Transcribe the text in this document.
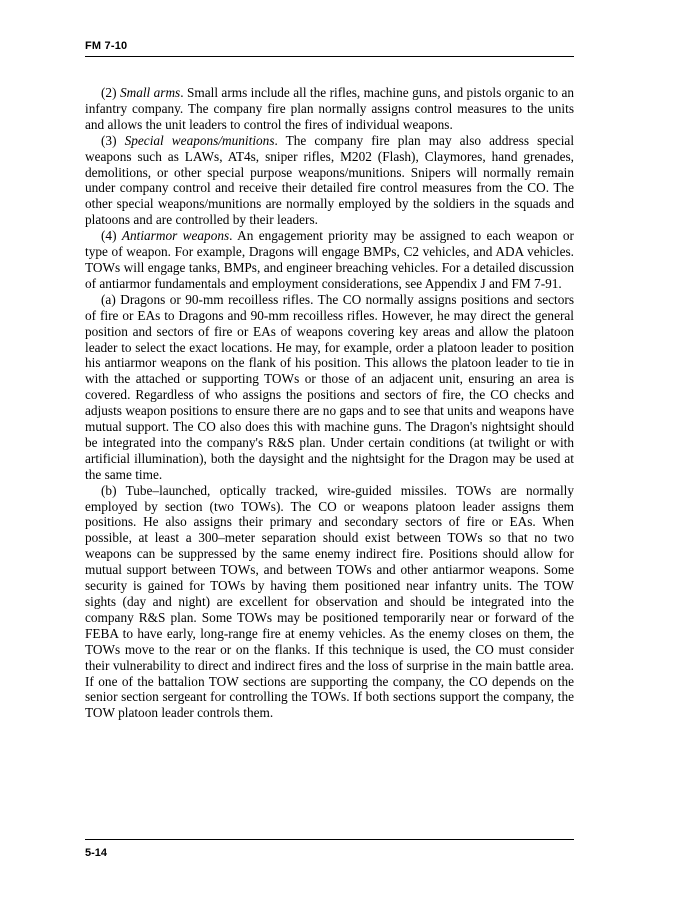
FM 7-10

(2) Small arms. Small arms include all the rifles, machine guns, and pistols organic to an infantry company. The company fire plan normally assigns control measures to the units and allows the unit leaders to control the fires of individual weapons.

(3) Special weapons/munitions. The company fire plan may also address special weapons such as LAWs, AT4s, sniper rifles, M202 (Flash), Claymores, hand grenades, demolitions, or other special purpose weapons/munitions. Snipers will normally remain under company control and receive their detailed fire control measures from the CO. The other special weapons/munitions are normally employed by the soldiers in the squads and platoons and are controlled by their leaders.

(4) Antiarmor weapons. An engagement priority may be assigned to each weapon or type of weapon. For example, Dragons will engage BMPs, C2 vehicles, and ADA vehicles. TOWs will engage tanks, BMPs, and engineer breaching vehicles. For a detailed discussion of antiarmor fundamentals and employment considerations, see Appendix J and FM 7-91.

(a) Dragons or 90-mm recoilless rifles. The CO normally assigns positions and sectors of fire or EAs to Dragons and 90-mm recoilless rifles. However, he may direct the general position and sectors of fire or EAs of weapons covering key areas and allow the platoon leader to select the exact locations. He may, for example, order a platoon leader to position his antiarmor weapons on the flank of his position. This allows the platoon leader to tie in with the attached or supporting TOWs or those of an adjacent unit, ensuring an area is covered. Regardless of who assigns the positions and sectors of fire, the CO checks and adjusts weapon positions to ensure there are no gaps and to see that units and weapons have mutual support. The CO also does this with machine guns. The Dragon's nightsight should be integrated into the company's R&S plan. Under certain conditions (at twilight or with artificial illumination), both the daysight and the nightsight for the Dragon may be used at the same time.

(b) Tube–launched, optically tracked, wire-guided missiles. TOWs are normally employed by section (two TOWs). The CO or weapons platoon leader assigns them positions. He also assigns their primary and secondary sectors of fire or EAs. When possible, at least a 300–meter separation should exist between TOWs so that no two weapons can be suppressed by the same enemy indirect fire. Positions should allow for mutual support between TOWs, and between TOWs and other antiarmor weapons. Some security is gained for TOWs by having them positioned near infantry units. The TOW sights (day and night) are excellent for observation and should be integrated into the company R&S plan. Some TOWs may be positioned temporarily near or forward of the FEBA to have early, long-range fire at enemy vehicles. As the enemy closes on them, the TOWs move to the rear or on the flanks. If this technique is used, the CO must consider their vulnerability to direct and indirect fires and the loss of surprise in the main battle area. If one of the battalion TOW sections are supporting the company, the CO depends on the senior section sergeant for controlling the TOWs. If both sections support the company, the TOW platoon leader controls them.

5-14
